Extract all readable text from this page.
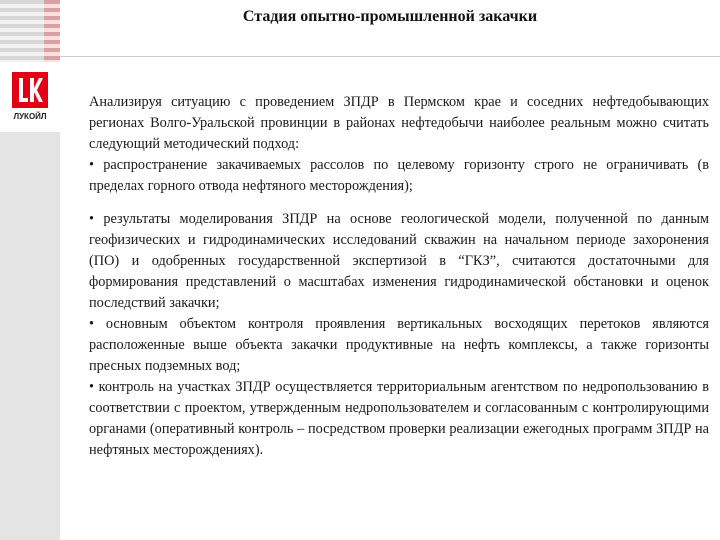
ЛУКОЙЛ
Стадия опытно-промышленной закачки

Анализируя ситуацию с проведением ЗПДР в Пермском крае и соседних нефтедобывающих регионах Волго-Уральской провинции в районах нефтедобычи наиболее реальным можно считать следующий методический подход:

• распространение закачиваемых рассолов по целевому горизонту строго не ограничивать (в пределах горного отвода нефтяного месторождения);

• результаты моделирования ЗПДР на основе геологической модели, полученной по данным геофизических и гидродинамических исследований скважин на начальном периоде захоронения (ПО) и одобренных государственной экспертизой в “ГКЗ”, считаются достаточными для формирования представлений о масштабах изменения гидродинамической обстановки и оценок последствий закачки;

• основным объектом контроля проявления вертикальных восходящих перетоков являются расположенные выше объекта закачки продуктивные на нефть комплексы, а также горизонты пресных подземных вод;

• контроль на участках ЗПДР осуществляется территориальным агентством по недропользованию в соответствии с проектом, утвержденным недропользователем и согласованным с контролирующими органами (оперативный контроль – посредством проверки реализации ежегодных программ ЗПДР на нефтяных месторождениях).
